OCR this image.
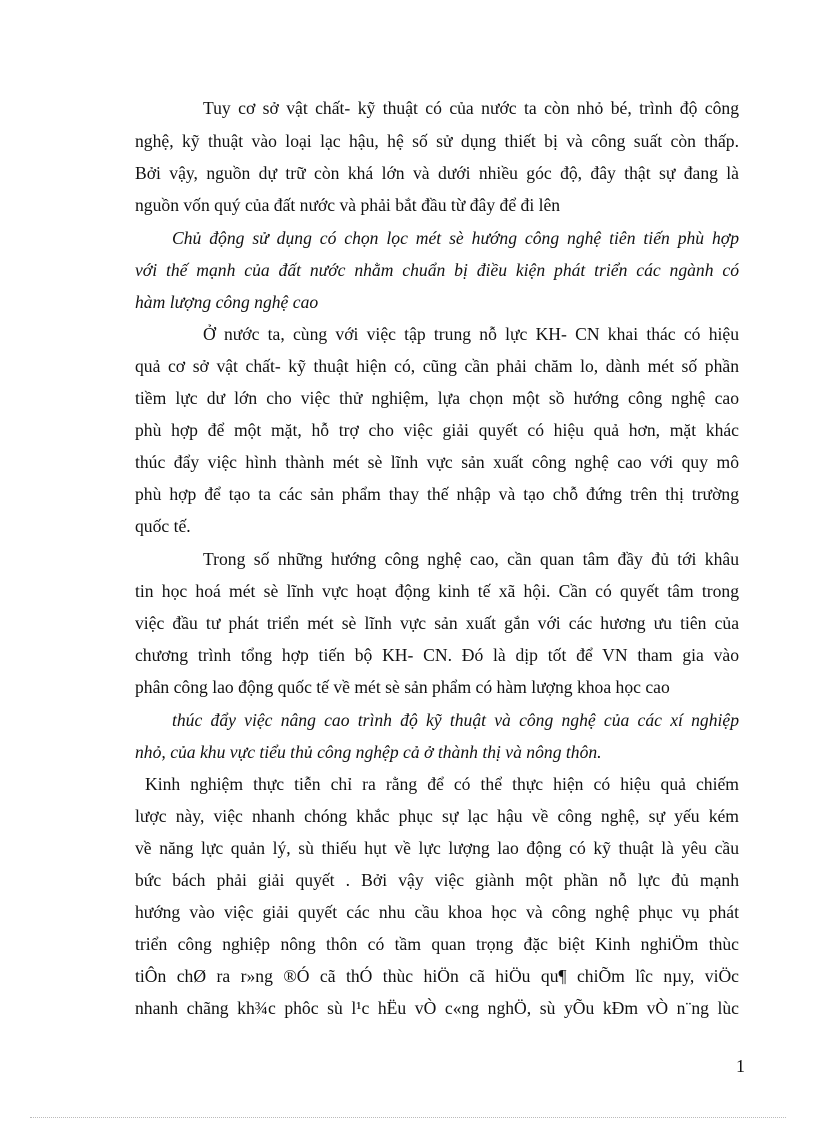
Tuy cơ sở vật chất- kỹ thuật có của nước ta còn nhỏ bé, trình độ công
nghệ, kỹ thuật vào loại lạc hậu, hệ số sử dụng thiết bị và công suất còn thấp.
Bởi vậy, nguồn dự trữ còn khá lớn và dưới nhiều góc độ, đây thật sự đang là
nguồn vốn quý của đất nước và phải bắt đầu từ đây để đi lên
Chủ động sử dụng có chọn lọc mét sè hướng công nghệ tiên tiến phù hợp
với thế mạnh của đất nước nhằm chuẩn bị điều kiện phát triển các ngành có
hàm lượng công nghệ cao
Ở nước ta, cùng với việc tập trung nỗ lực KH- CN khai thác có hiệu
quả cơ sở vật chất- kỹ thuật hiện có, cũng cần phải chăm lo, dành mét số phần
tiềm lực dư lớn cho việc thử nghiệm, lựa chọn một sồ hướng công nghệ cao
phù hợp để một mặt, hỗ trợ cho việc giải quyết có hiệu quả hơn, mặt khác
thúc đẩy việc hình thành mét sè lĩnh vực sản xuất công nghệ cao với quy mô
phù hợp để tạo ta các sản phẩm thay thế nhập và tạo chỗ đứng trên thị trường
quốc tế.
Trong số những hướng công nghệ cao, cần quan tâm đầy đủ tới khâu
tin học hoá mét sè lĩnh vực hoạt động kinh tế xã hội. Cần có quyết tâm trong
việc đầu tư phát triển mét sè lĩnh vực sản xuất gắn với các hương ưu tiên của
chương trình tổng hợp tiến bộ KH- CN. Đó là dịp tốt để VN tham gia vào
phân công lao động quốc tế về mét sè sản phẩm có hàm lượng khoa học cao
thúc đẩy việc nâng cao trình độ kỹ thuật và công nghệ của các xí nghiệp
nhỏ, của khu vực tiểu thủ công nghệp cả ở thành thị và nông thôn.
Kinh nghiệm thực tiễn chỉ ra rằng để có thể thực hiện có hiệu quả chiếm
lược này, việc nhanh chóng khắc phục sự lạc hậu về công nghệ, sự yếu kém
về năng lực quản lý, sù thiếu hụt về lực lượng lao động có kỹ thuật là yêu cầu
bức bách phải giải quyết . Bởi vậy việc giành một phần nỗ lực đủ mạnh
hướng vào việc giải quyết các nhu cầu khoa học và công nghệ phục vụ phát
triển công nghiệp nông thôn có tầm quan trọng đặc biệt Kinh nghiÖm thùc
tiÔn chØ ra r»ng ®Ó cã thÓ thùc hiÖn cã hiÖu qu¶ chiÕm lîc nµy, viÖc
nhanh chãng kh¾c phôc sù l¹c hËu vÒ c«ng nghÖ, sù yÕu kÐm vÒ n¨ng lùc
1
